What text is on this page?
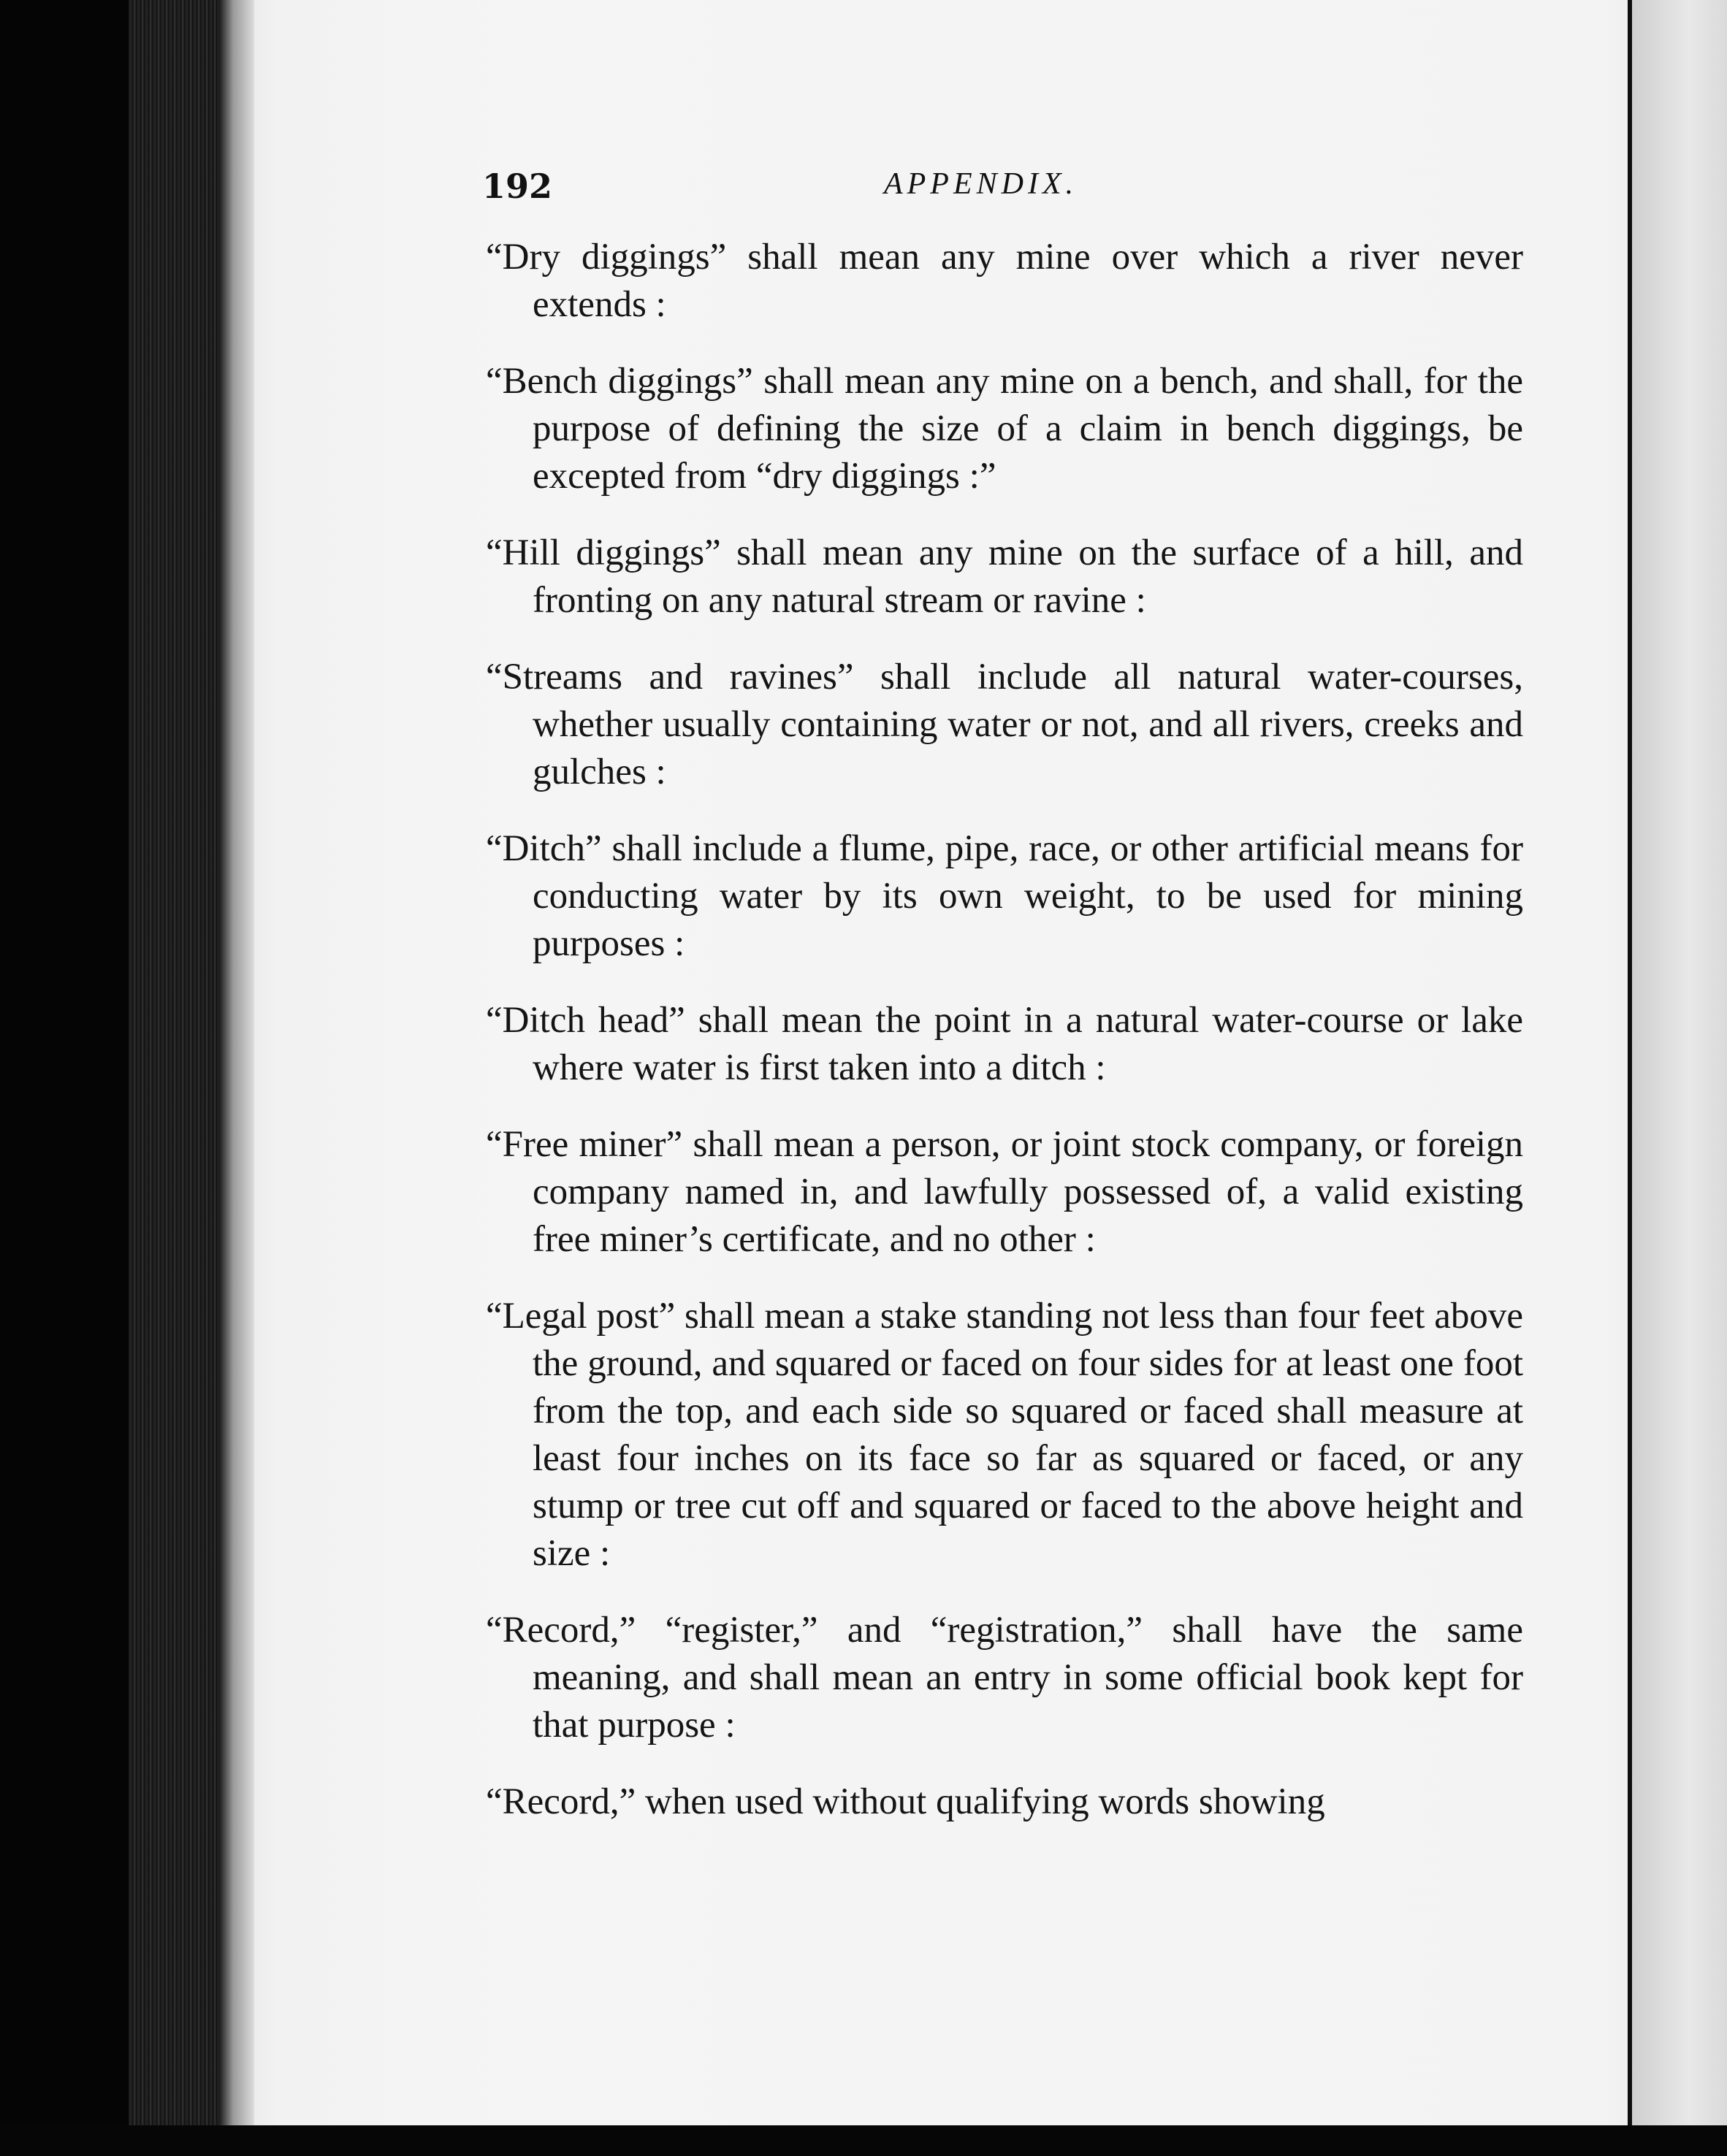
192	APPENDIX.

“Dry diggings” shall mean any mine over which a river never extends :

“Bench diggings” shall mean any mine on a bench, and shall, for the purpose of defining the size of a claim in bench diggings, be excepted from “dry diggings :”

“Hill diggings” shall mean any mine on the surface of a hill, and fronting on any natural stream or ravine :

“Streams and ravines” shall include all natural water-courses, whether usually containing water or not, and all rivers, creeks and gulches :

“Ditch” shall include a flume, pipe, race, or other artificial means for conducting water by its own weight, to be used for mining purposes :

“Ditch head” shall mean the point in a natural water-course or lake where water is first taken into a ditch :

“Free miner” shall mean a person, or joint stock company, or foreign company named in, and lawfully possessed of, a valid existing free miner’s certificate, and no other :

“Legal post” shall mean a stake standing not less than four feet above the ground, and squared or faced on four sides for at least one foot from the top, and each side so squared or faced shall measure at least four inches on its face so far as squared or faced, or any stump or tree cut off and squared or faced to the above height and size :

“Record,” “register,” and “registration,” shall have the same meaning, and shall mean an entry in some official book kept for that purpose :

“Record,” when used without qualifying words showing
